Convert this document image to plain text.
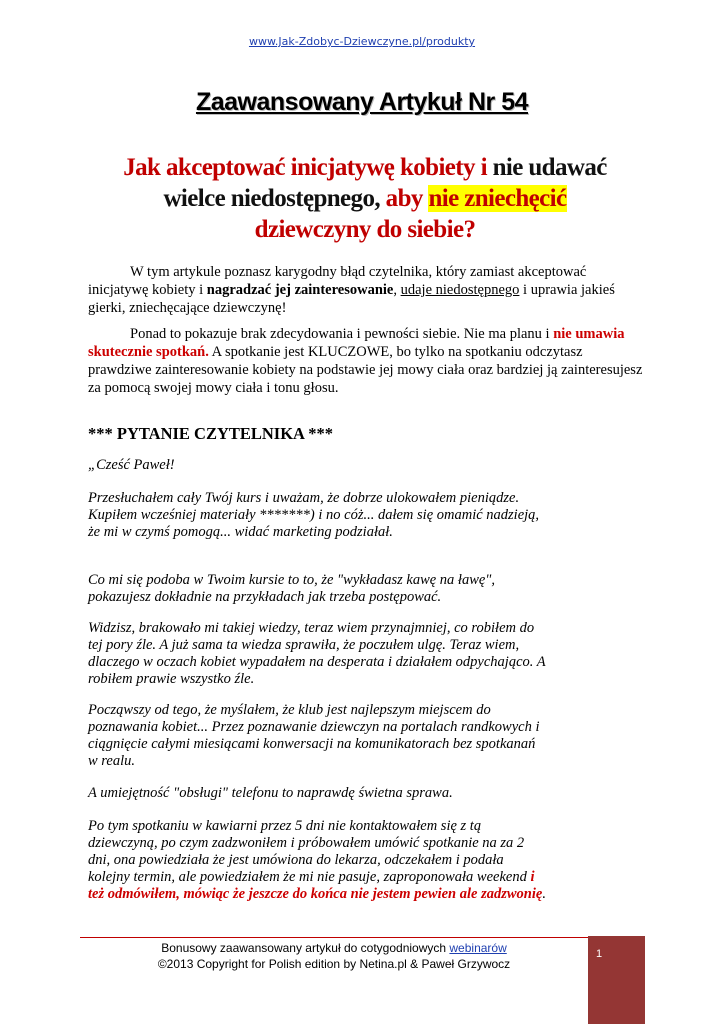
www.Jak-Zdobyc-Dziewczyne.pl/produkty
Zaawansowany Artykuł Nr 54
Jak akceptować inicjatywę kobiety i nie udawać
wielce niedostępnego, aby nie zniechęcić
dziewczyny do siebie?
W tym artykule poznasz karygodny błąd czytelnika, który zamiast akceptować inicjatywę kobiety i nagradzać jej zainteresowanie, udaje niedostępnego i uprawia jakieś gierki, zniechęcające dziewczynę!
Ponad to pokazuje brak zdecydowania i pewności siebie. Nie ma planu i nie umawia skutecznie spotkań. A spotkanie jest KLUCZOWE, bo tylko na spotkaniu odczytasz prawdziwe zainteresowanie kobiety na podstawie jej mowy ciała oraz bardziej ją zainteresujesz za pomocą swojej mowy ciała i tonu głosu.
*** PYTANIE CZYTELNIKA ***

„Cześć Paweł!

Przesłuchałem cały Twój kurs i uważam, że dobrze ulokowałem pieniądze. Kupiłem wcześniej materiały *******) i no cóż... dałem się omamić nadzieją, że mi w czymś pomogą... widać marketing podziałał.

Co mi się podoba w Twoim kursie to to, że "wykładasz kawę na ławę", pokazujesz dokładnie na przykładach jak trzeba postępować.

Widzisz, brakowało mi takiej wiedzy, teraz wiem przynajmniej, co robiłem do tej pory źle. A już sama ta wiedza sprawiła, że poczułem ulgę. Teraz wiem, dlaczego w oczach kobiet wypadałem na desperata i działałem odpychająco. A robiłem prawie wszystko źle.

Począwszy od tego, że myślałem, że klub jest najlepszym miejscem do poznawania kobiet... Przez poznawanie dziewczyn na portalach randkowych i ciągnięcie całymi miesiącami konwersacji na komunikatorach bez spotkanań w realu.

A umiejętność "obsługi" telefonu to naprawdę świetna sprawa.

Po tym spotkaniu w kawiarni przez 5 dni nie kontaktowałem się z tą dziewczyną, po czym zadzwoniłem i próbowałem umówić spotkanie na za 2 dni, ona powiedziała że jest umówiona do lekarza, odczekałem i podała kolejny termin, ale powiedziałem że mi nie pasuje, zaproponowała weekend i też odmówiłem, mówiąc że jeszcze do końca nie jestem pewien ale zadzwonię.

Bonusowy zaawansowany artykuł do cotygodniowych webinarów
©2013 Copyright for Polish edition by Netina.pl & Paweł Grzywocz
1
